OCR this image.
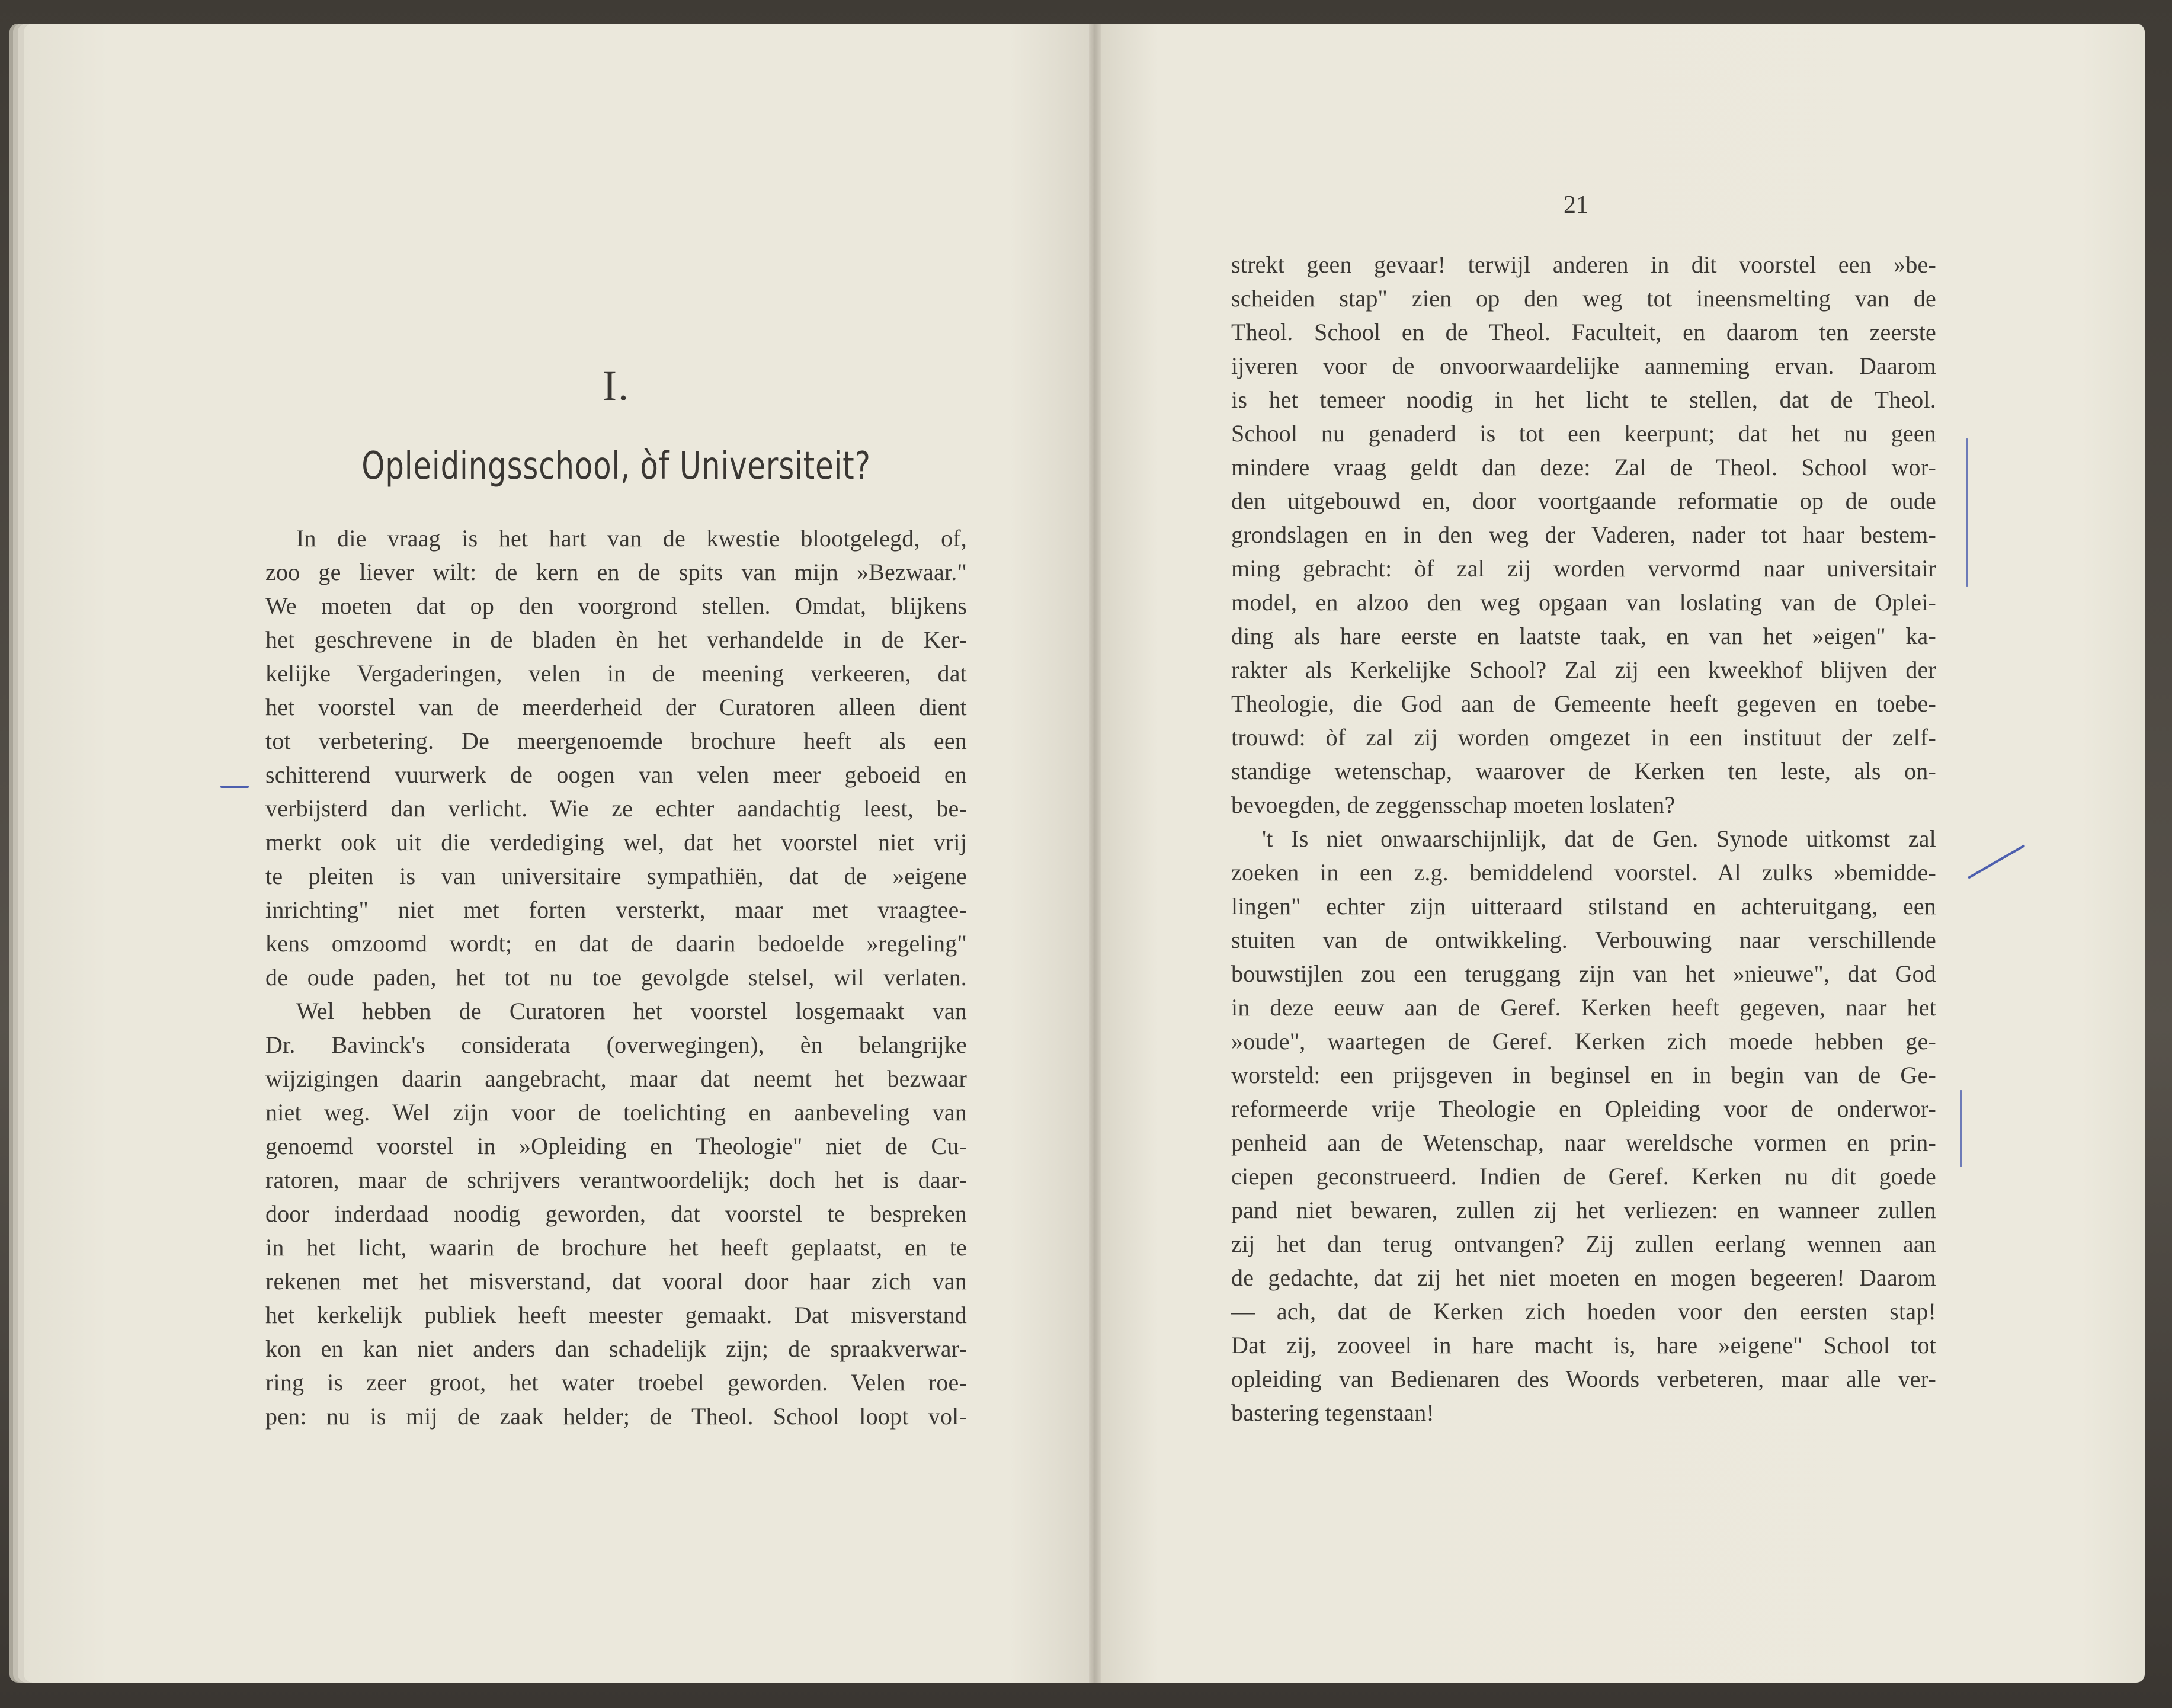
I.
Opleidingsschool, òf Universiteit?
In die vraag is het hart van de kwestie blootgelegd, of,
zoo ge liever wilt: de kern en de spits van mijn »Bezwaar."
We moeten dat op den voorgrond stellen. Omdat, blijkens
het geschrevene in de bladen èn het verhandelde in de Ker-
kelijke Vergaderingen, velen in de meening verkeeren, dat
het voorstel van de meerderheid der Curatoren alleen dient
tot verbetering. De meergenoemde brochure heeft als een
schitterend vuurwerk de oogen van velen meer geboeid en
verbijsterd dan verlicht. Wie ze echter aandachtig leest, be-
merkt ook uit die verdediging wel, dat het voorstel niet vrij
te pleiten is van universitaire sympathiën, dat de »eigene
inrichting" niet met forten versterkt, maar met vraagtee-
kens omzoomd wordt; en dat de daarin bedoelde »regeling"
de oude paden, het tot nu toe gevolgde stelsel, wil verlaten.
Wel hebben de Curatoren het voorstel losgemaakt van
Dr. Bavinck's considerata (overwegingen), èn belangrijke
wijzigingen daarin aangebracht, maar dat neemt het bezwaar
niet weg. Wel zijn voor de toelichting en aanbeveling van
genoemd voorstel in »Opleiding en Theologie" niet de Cu-
ratoren, maar de schrijvers verantwoordelijk; doch het is daar-
door inderdaad noodig geworden, dat voorstel te bespreken
in het licht, waarin de brochure het heeft geplaatst, en te
rekenen met het misverstand, dat vooral door haar zich van
het kerkelijk publiek heeft meester gemaakt. Dat misverstand
kon en kan niet anders dan schadelijk zijn; de spraakverwar-
ring is zeer groot, het water troebel geworden. Velen roe-
pen: nu is mij de zaak helder; de Theol. School loopt vol-
21
strekt geen gevaar! terwijl anderen in dit voorstel een »be-
scheiden stap" zien op den weg tot ineensmelting van de
Theol. School en de Theol. Faculteit, en daarom ten zeerste
ijveren voor de onvoorwaardelijke aanneming ervan. Daarom
is het temeer noodig in het licht te stellen, dat de Theol.
School nu genaderd is tot een keerpunt; dat het nu geen
mindere vraag geldt dan deze: Zal de Theol. School wor-
den uitgebouwd en, door voortgaande reformatie op de oude
grondslagen en in den weg der Vaderen, nader tot haar bestem-
ming gebracht: òf zal zij worden vervormd naar universitair
model, en alzoo den weg opgaan van loslating van de Oplei-
ding als hare eerste en laatste taak, en van het »eigen" ka-
rakter als Kerkelijke School? Zal zij een kweekhof blijven der
Theologie, die God aan de Gemeente heeft gegeven en toebe-
trouwd: òf zal zij worden omgezet in een instituut der zelf-
standige wetenschap, waarover de Kerken ten leste, als on-
bevoegden, de zeggensschap moeten loslaten?
't Is niet onwaarschijnlijk, dat de Gen. Synode uitkomst zal
zoeken in een z.g. bemiddelend voorstel. Al zulks »bemidde-
lingen" echter zijn uitteraard stilstand en achteruitgang, een
stuiten van de ontwikkeling. Verbouwing naar verschillende
bouwstijlen zou een teruggang zijn van het »nieuwe", dat God
in deze eeuw aan de Geref. Kerken heeft gegeven, naar het
»oude", waartegen de Geref. Kerken zich moede hebben ge-
worsteld: een prijsgeven in beginsel en in begin van de Ge-
reformeerde vrije Theologie en Opleiding voor de onderwor-
penheid aan de Wetenschap, naar wereldsche vormen en prin-
ciepen geconstrueerd. Indien de Geref. Kerken nu dit goede
pand niet bewaren, zullen zij het verliezen: en wanneer zullen
zij het dan terug ontvangen? Zij zullen eerlang wennen aan
de gedachte, dat zij het niet moeten en mogen begeeren! Daarom
— ach, dat de Kerken zich hoeden voor den eersten stap!
Dat zij, zooveel in hare macht is, hare »eigene" School tot
opleiding van Bedienaren des Woords verbeteren, maar alle ver-
bastering tegenstaan!
